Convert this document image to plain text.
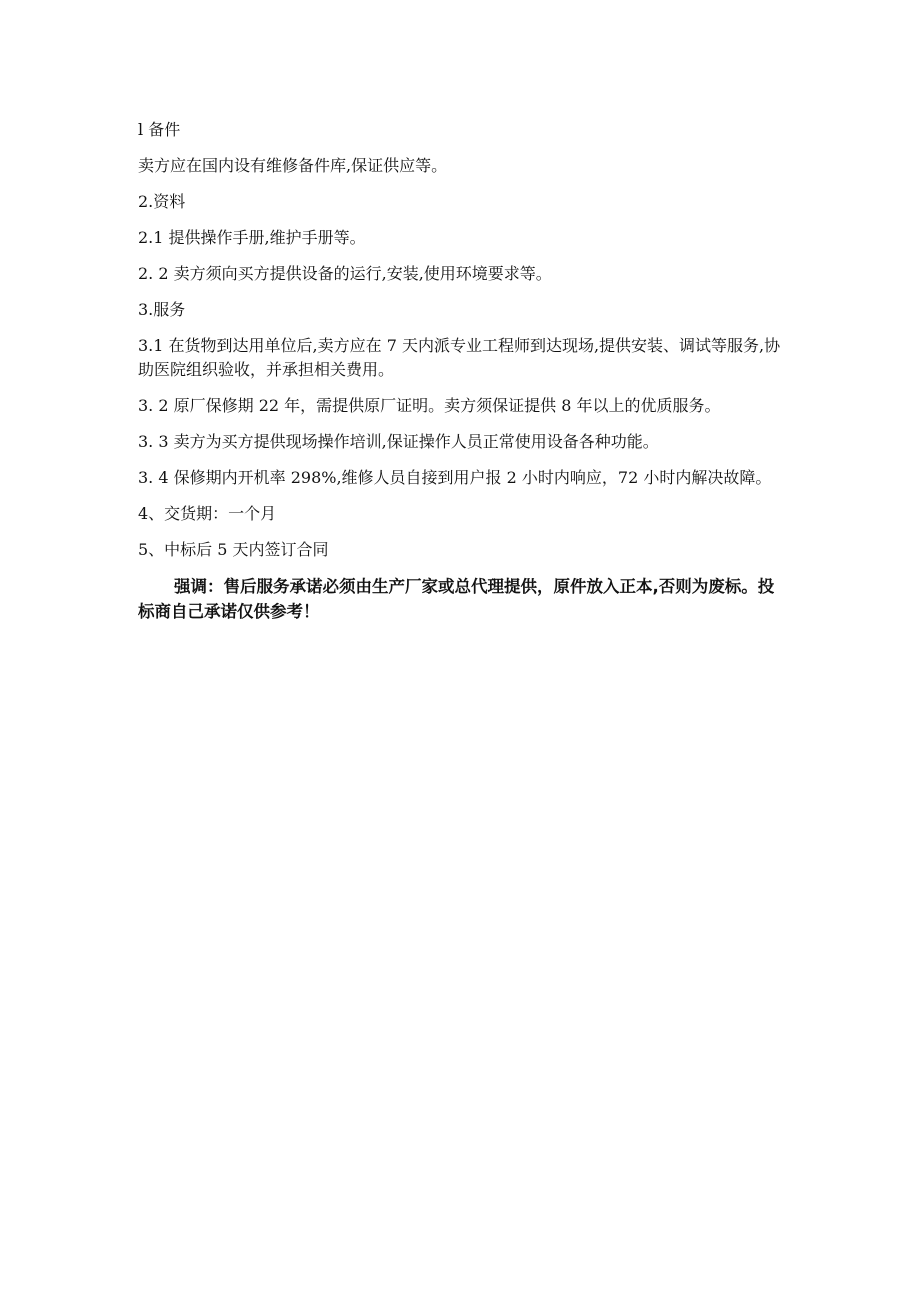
l 备件

卖方应在国内设有维修备件库,保证供应等。

2.资料

2.1 提供操作手册,维护手册等。

2. 2 卖方须向买方提供设备的运行,安装,使用环境要求等。

3.服务

3.1 在货物到达用单位后,卖方应在 7 天内派专业工程师到达现场,提供安装、调试等服务,协助医院组织验收，并承担相关费用。

3. 2 原厂保修期 22 年，需提供原厂证明。卖方须保证提供 8 年以上的优质服务。

3. 3 卖方为买方提供现场操作培训,保证操作人员正常使用设备各种功能。

3. 4 保修期内开机率 298%,维修人员自接到用户报 2 小时内响应，72 小时内解决故障。

4、交货期：一个月

5、中标后 5 天内签订合同

强调：售后服务承诺必须由生产厂家或总代理提供，原件放入正本,否则为废标。投标商自己承诺仅供参考！
